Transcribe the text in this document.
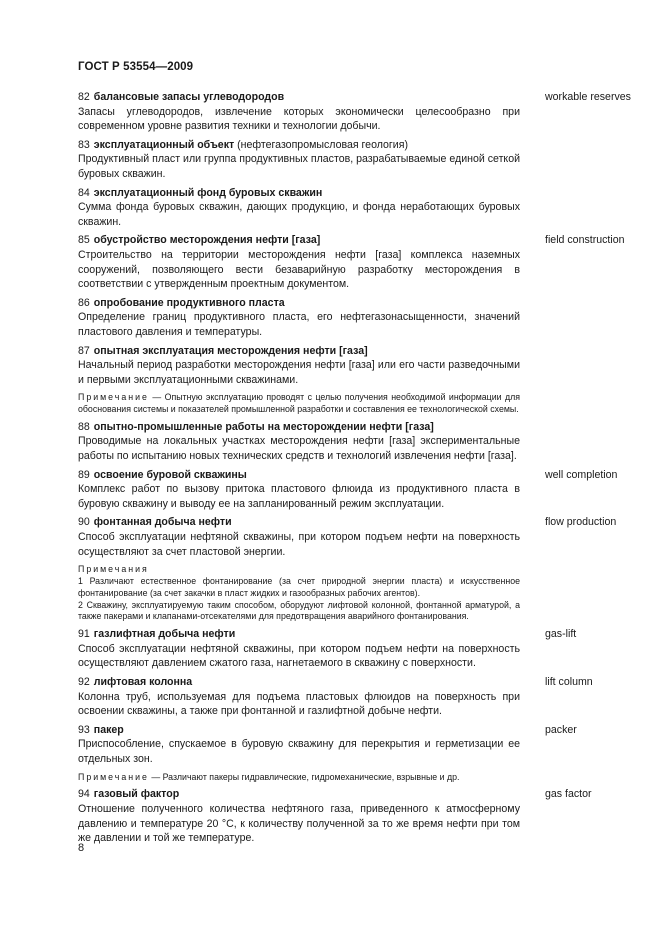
ГОСТ Р 53554—2009
82 балансовые запасы углеводородов
Запасы углеводородов, извлечение которых экономически целесообразно при современном уровне развития техники и технологии добычи.
workable reserves
83 эксплуатационный объект (нефтегазопромысловая геология)
Продуктивный пласт или группа продуктивных пластов, разрабатываемые единой сеткой буровых скважин.
84 эксплуатационный фонд буровых скважин
Сумма фонда буровых скважин, дающих продукцию, и фонда неработающих буровых скважин.
85 обустройство месторождения нефти [газа]
Строительство на территории месторождения нефти [газа] комплекса наземных сооружений, позволяющего вести безаварийную разработку месторождения в соответствии с утвержденным проектным документом.
field construction
86 опробование продуктивного пласта
Определение границ продуктивного пласта, его нефтегазонасыщенности, значений пластового давления и температуры.
87 опытная эксплуатация месторождения нефти [газа]
Начальный период разработки месторождения нефти [газа] или его части разведочными и первыми эксплуатационными скважинами.
Примечание — Опытную эксплуатацию проводят с целью получения необходимой информации для обоснования системы и показателей промышленной разработки и составления ее технологической схемы.
88 опытно-промышленные работы на месторождении нефти [газа]
Проводимые на локальных участках месторождения нефти [газа] экспериментальные работы по испытанию новых технических средств и технологий извлечения нефти [газа].
89 освоение буровой скважины
Комплекс работ по вызову притока пластового флюида из продуктивного пласта в буровую скважину и выводу ее на запланированный режим эксплуатации.
well completion
90 фонтанная добыча нефти
Способ эксплуатации нефтяной скважины, при котором подъем нефти на поверхность осуществляют за счет пластовой энергии.
Примечания
1 Различают естественное фонтанирование (за счет природной энергии пласта) и искусственное фонтанирование (за счет закачки в пласт жидких и газообразных рабочих агентов).
2 Скважину, эксплуатируемую таким способом, оборудуют лифтовой колонной, фонтанной арматурой, а также пакерами и клапанами-отсекателями для предотвращения аварийного фонтанирования.
flow production
91 газлифтная добыча нефти
Способ эксплуатации нефтяной скважины, при котором подъем нефти на поверхность осуществляют давлением сжатого газа, нагнетаемого в скважину с поверхности.
gas-lift
92 лифтовая колонна
Колонна труб, используемая для подъема пластовых флюидов на поверхность при освоении скважины, а также при фонтанной и газлифтной добыче нефти.
lift column
93 пакер
Приспособление, спускаемое в буровую скважину для перекрытия и герметизации ее отдельных зон.
Примечание — Различают пакеры гидравлические, гидромеханические, взрывные и др.
packer
94 газовый фактор
Отношение полученного количества нефтяного газа, приведенного к атмосферному давлению и температуре 20 °С, к количеству полученной за то же время нефти при том же давлении и той же температуре.
gas factor
8
